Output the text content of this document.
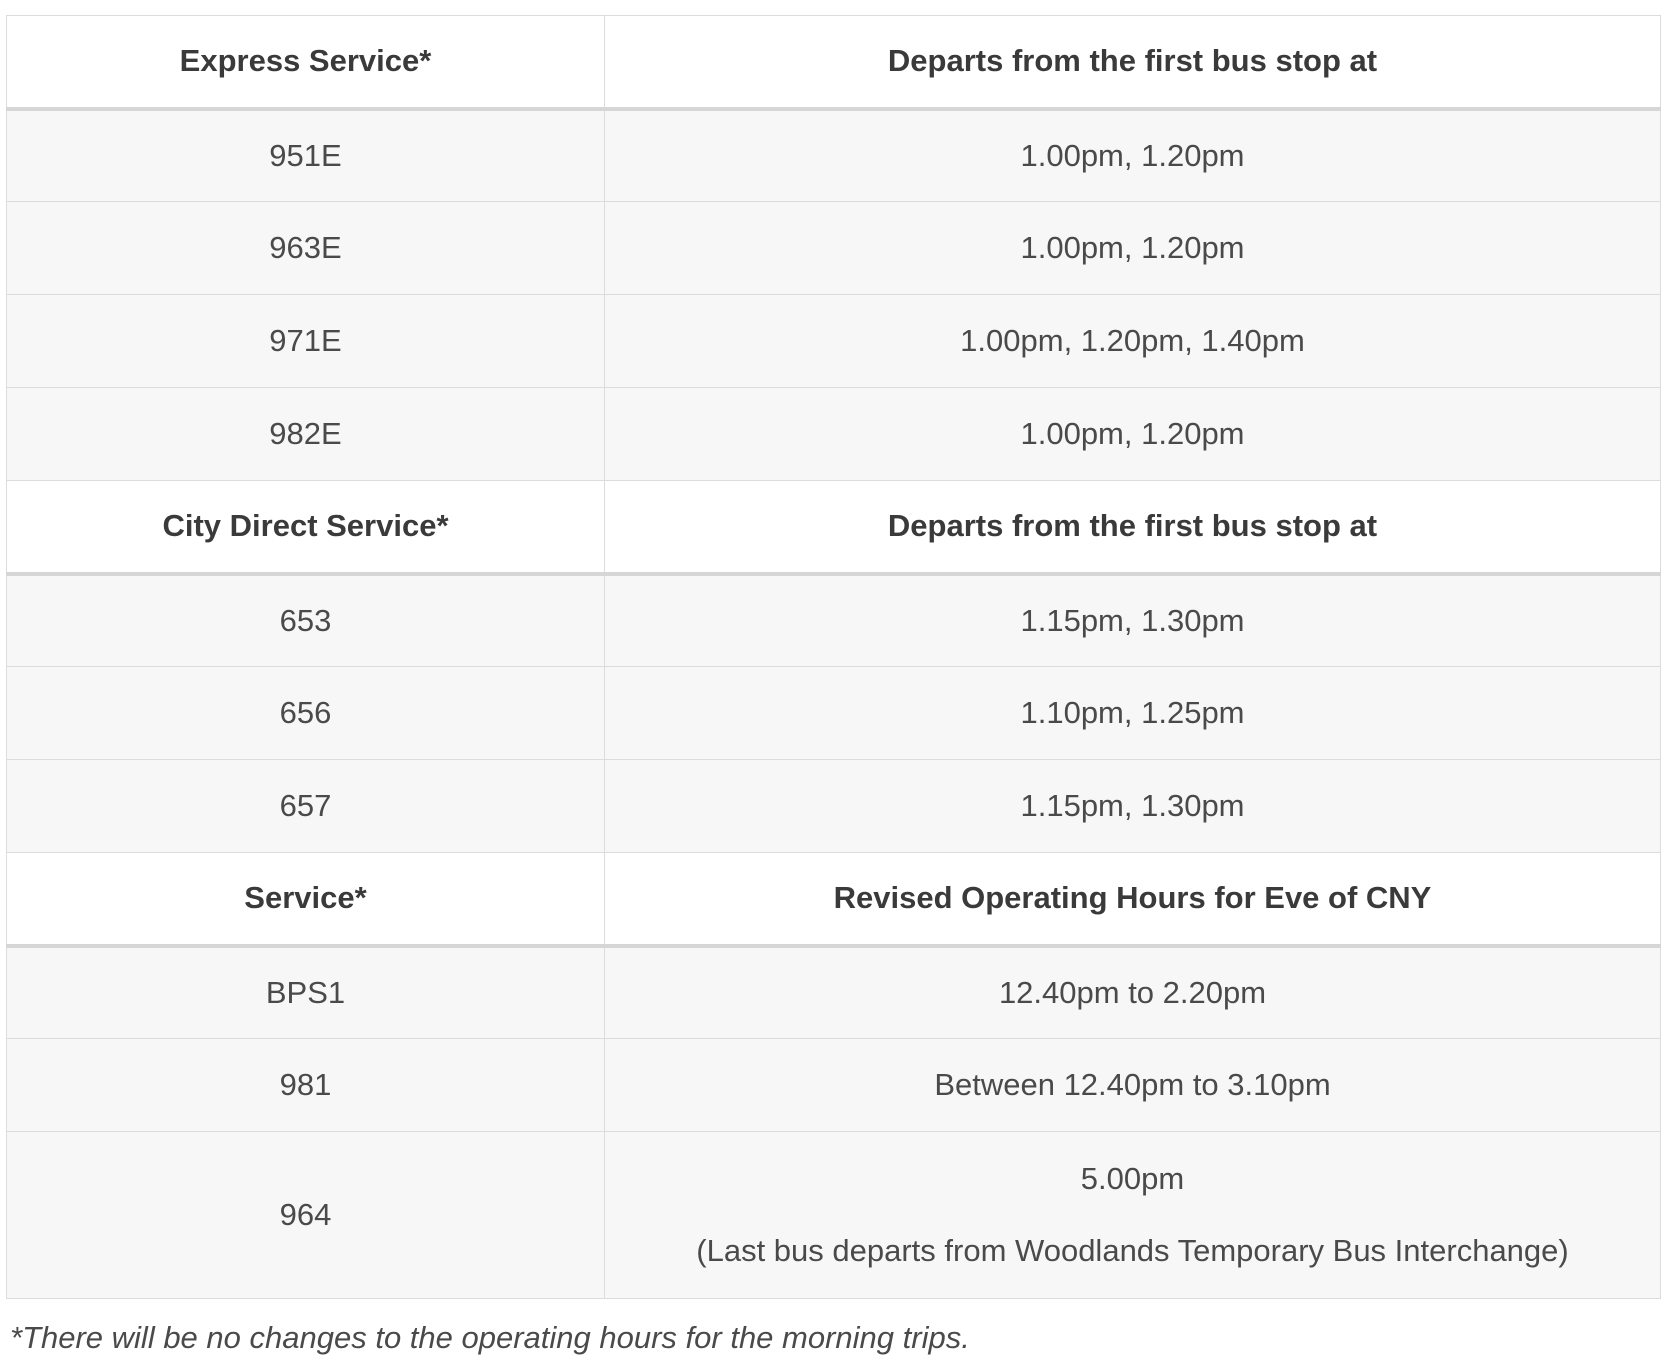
Express Service*	Departs from the first bus stop at
951E	1.00pm, 1.20pm
963E	1.00pm, 1.20pm
971E	1.00pm, 1.20pm, 1.40pm
982E	1.00pm, 1.20pm
City Direct Service*	Departs from the first bus stop at
653	1.15pm, 1.30pm
656	1.10pm, 1.25pm
657	1.15pm, 1.30pm
Service*	Revised Operating Hours for Eve of CNY
BPS1	12.40pm to 2.20pm
981	Between 12.40pm to 3.10pm
964	5.00pm
(Last bus departs from Woodlands Temporary Bus Interchange)
*There will be no changes to the operating hours for the morning trips.
